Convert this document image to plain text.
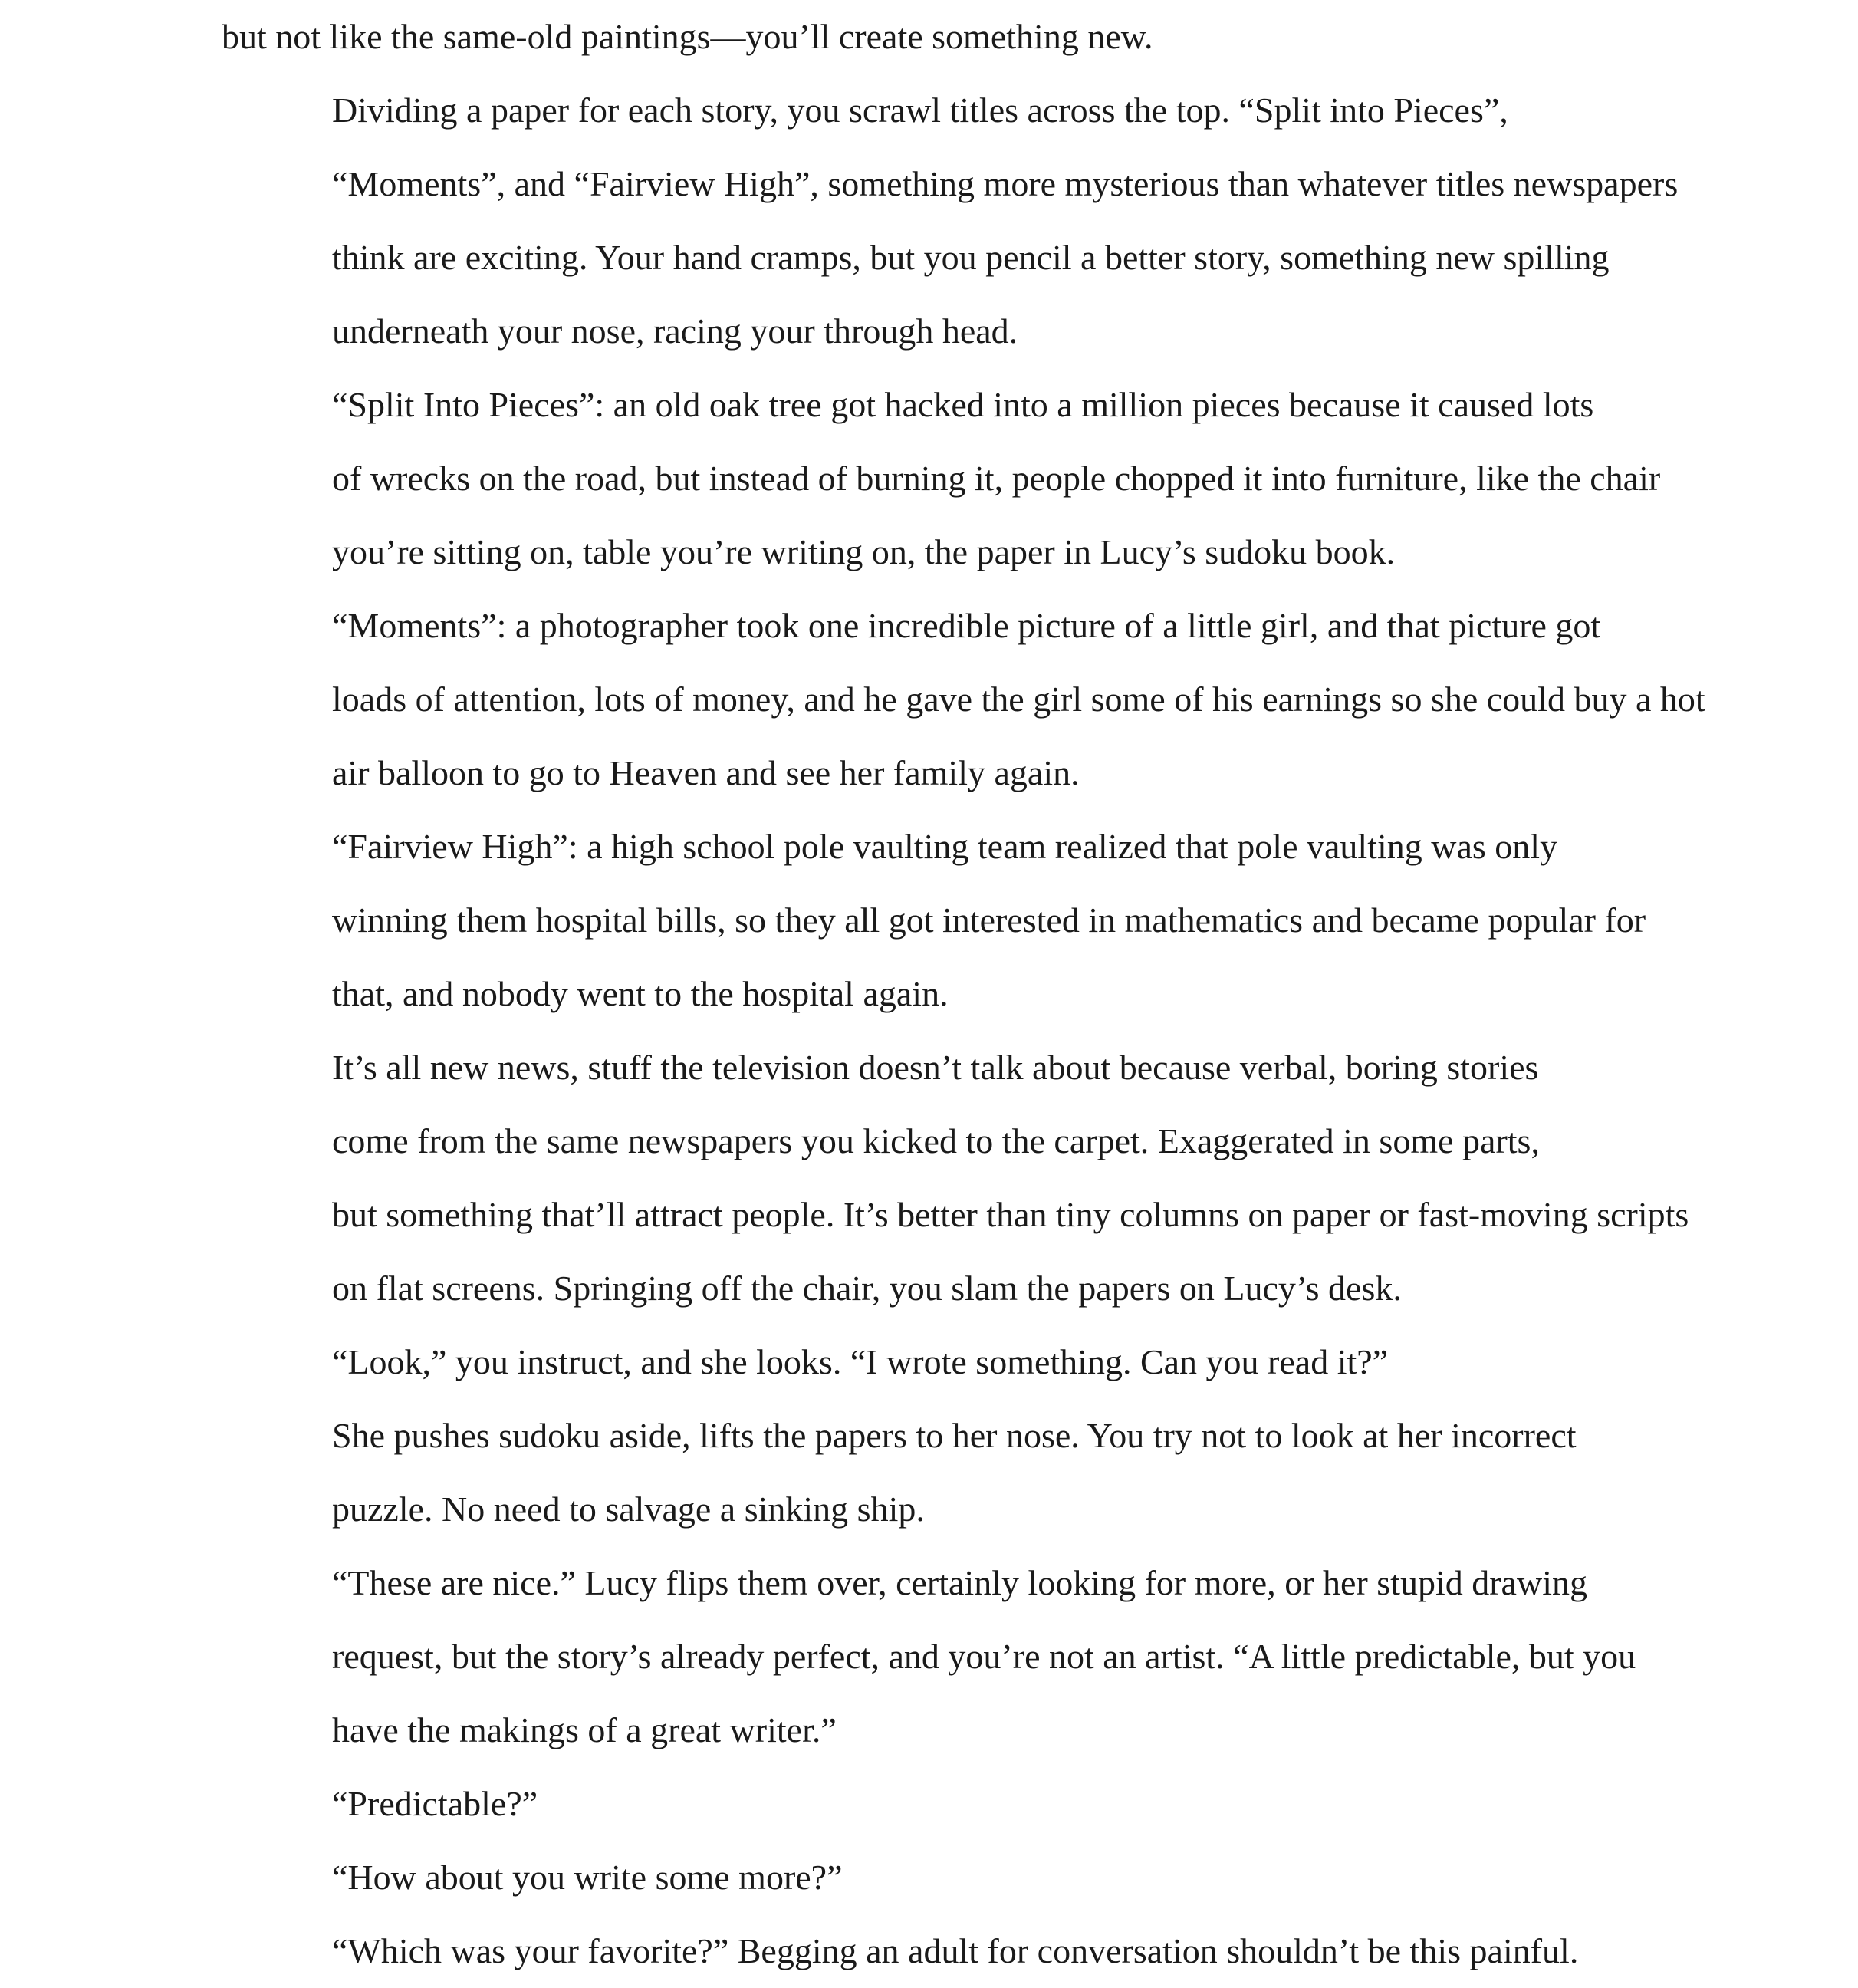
but not like the same-old paintings—you’ll create something new.
Dividing a paper for each story, you scrawl titles across the top. “Split into Pieces”,
“Moments”, and “Fairview High”, something more mysterious than whatever titles newspapers
think are exciting. Your hand cramps, but you pencil a better story, something new spilling
underneath your nose, racing your through head.
“Split Into Pieces”: an old oak tree got hacked into a million pieces because it caused lots
of wrecks on the road, but instead of burning it, people chopped it into furniture, like the chair
you’re sitting on, table you’re writing on, the paper in Lucy’s sudoku book.
“Moments”: a photographer took one incredible picture of a little girl, and that picture got
loads of attention, lots of money, and he gave the girl some of his earnings so she could buy a hot
air balloon to go to Heaven and see her family again.
“Fairview High”: a high school pole vaulting team realized that pole vaulting was only
winning them hospital bills, so they all got interested in mathematics and became popular for
that, and nobody went to the hospital again.
It’s all new news, stuff the television doesn’t talk about because verbal, boring stories
come from the same newspapers you kicked to the carpet. Exaggerated in some parts,
but something that’ll attract people. It’s better than tiny columns on paper or fast-moving scripts
on flat screens. Springing off the chair, you slam the papers on Lucy’s desk.
“Look,” you instruct, and she looks. “I wrote something. Can you read it?”
She pushes sudoku aside, lifts the papers to her nose. You try not to look at her incorrect
puzzle. No need to salvage a sinking ship.
“These are nice.” Lucy flips them over, certainly looking for more, or her stupid drawing
request, but the story’s already perfect, and you’re not an artist. “A little predictable, but you
have the makings of a great writer.”
“Predictable?”
“How about you write some more?”
“Which was your favorite?” Begging an adult for conversation shouldn’t be this painful.
